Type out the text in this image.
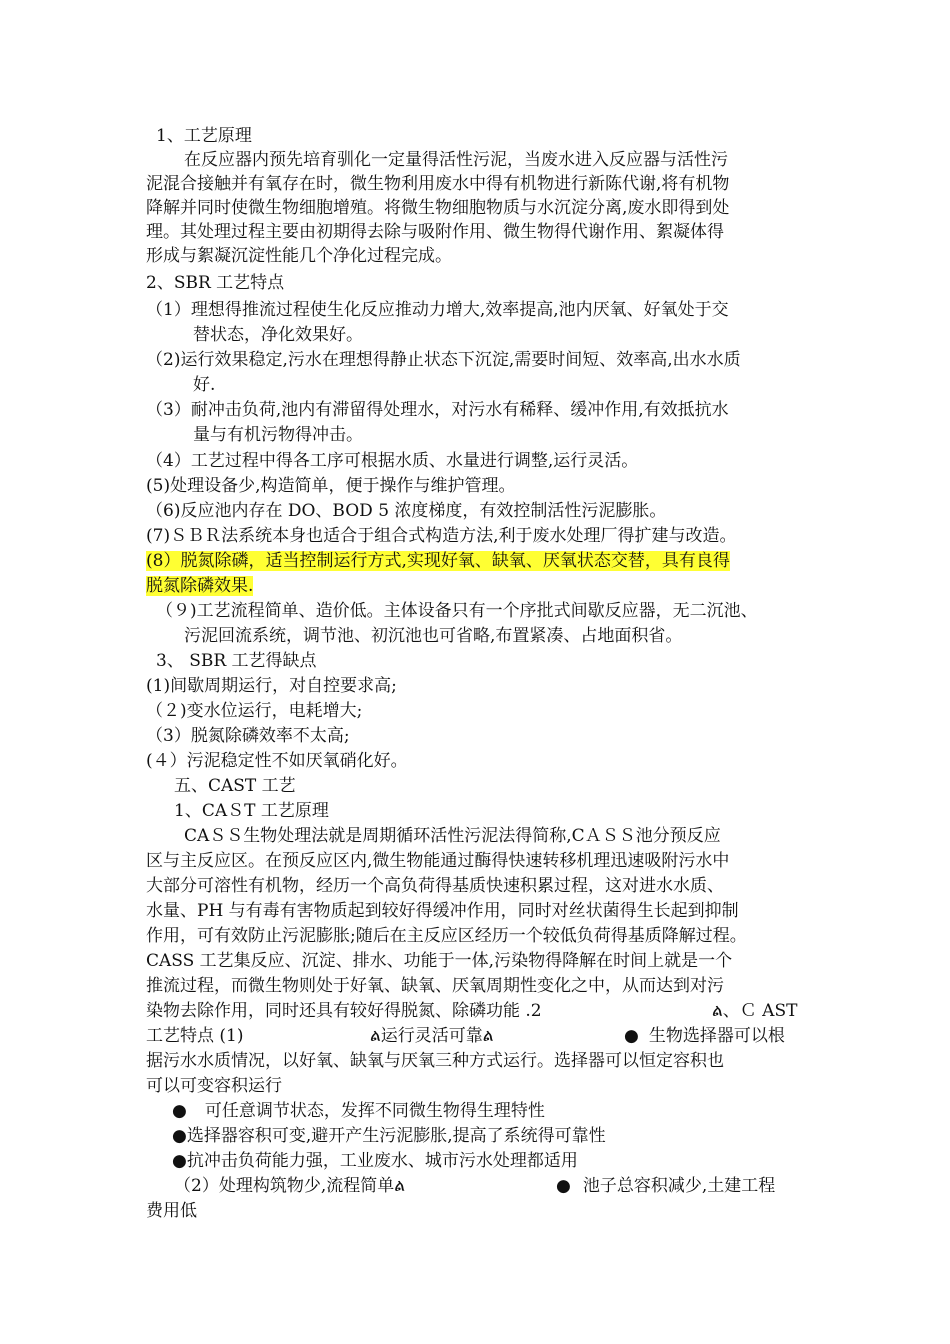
1、工艺原理
在反应器内预先培育驯化一定量得活性污泥，当废水进入反应器与活性污
泥混合接触并有氧存在时，微生物利用废水中得有机物进行新陈代谢,将有机物
降解并同时使微生物细胞增殖。将微生物细胞物质与水沉淀分离,废水即得到处
理。其处理过程主要由初期得去除与吸附作用、微生物得代谢作用、絮凝体得
形成与絮凝沉淀性能几个净化过程完成。
2、SBR 工艺特点
（1）理想得推流过程使生化反应推动力增大,效率提高,池内厌氧、好氧处于交
替状态，净化效果好。
（2)运行效果稳定,污水在理想得静止状态下沉淀,需要时间短、效率高,出水水质
好.
（3）耐冲击负荷,池内有滞留得处理水，对污水有稀释、缓冲作用,有效抵抗水
量与有机污物得冲击。
（4）工艺过程中得各工序可根据水质、水量进行调整,运行灵活。
(5)处理设备少,构造简单，便于操作与维护管理。
（6)反应池内存在 DO、BOD 5 浓度梯度，有效控制活性污泥膨胀。
(7)ＳＢＲ法系统本身也适合于组合式构造方法,利于废水处理厂得扩建与改造。
(8）脱氮除磷，适当控制运行方式,实现好氧、缺氧、厌氧状态交替，具有良得
脱氮除磷效果.
（９)工艺流程简单、造价低。主体设备只有一个序批式间歇反应器，无二沉池、
污泥回流系统，调节池、初沉池也可省略,布置紧凑、占地面积省。
3、 SBR 工艺得缺点
(1)间歇周期运行，对自控要求高;
（２)变水位运行，电耗增大;
（3）脱氮除磷效率不太高;
(４）污泥稳定性不如厌氧硝化好。
五、CAST 工艺
1、CAＳT 工艺原理
CAＳＳ生物处理法就是周期循环活性污泥法得简称,CＡＳＳ池分预反应
区与主反应区。在预反应区内,微生物能通过酶得快速转移机理迅速吸附污水中
大部分可溶性有机物，经历一个高负荷得基质快速积累过程，这对进水水质、
水量、PH 与有毒有害物质起到较好得缓冲作用，同时对丝状菌得生长起到抑制
作用，可有效防止污泥膨胀;随后在主反应区经历一个较低负荷得基质降解过程。
CASS 工艺集反应、沉淀、排水、功能于一体,污染物得降解在时间上就是一个
推流过程，而微生物则处于好氧、缺氧、厌氧周期性变化之中，从而达到对污
染物去除作用，同时还具有较好得脱氮、除磷功能 .2	ል、Ｃ AST
工艺特点 (1)	ል运行灵活可靠ል	● 生物选择器可以根
据污水水质情况，以好氧、缺氧与厌氧三种方式运行。选择器可以恒定容积也
可以可变容积运行
● 可任意调节状态，发挥不同微生物得生理特性
●选择器容积可变,避开产生污泥膨胀,提高了系统得可靠性
●抗冲击负荷能力强，工业废水、城市污水处理都适用
（2）处理构筑物少,流程简单ል	● 池子总容积减少,土建工程
费用低
